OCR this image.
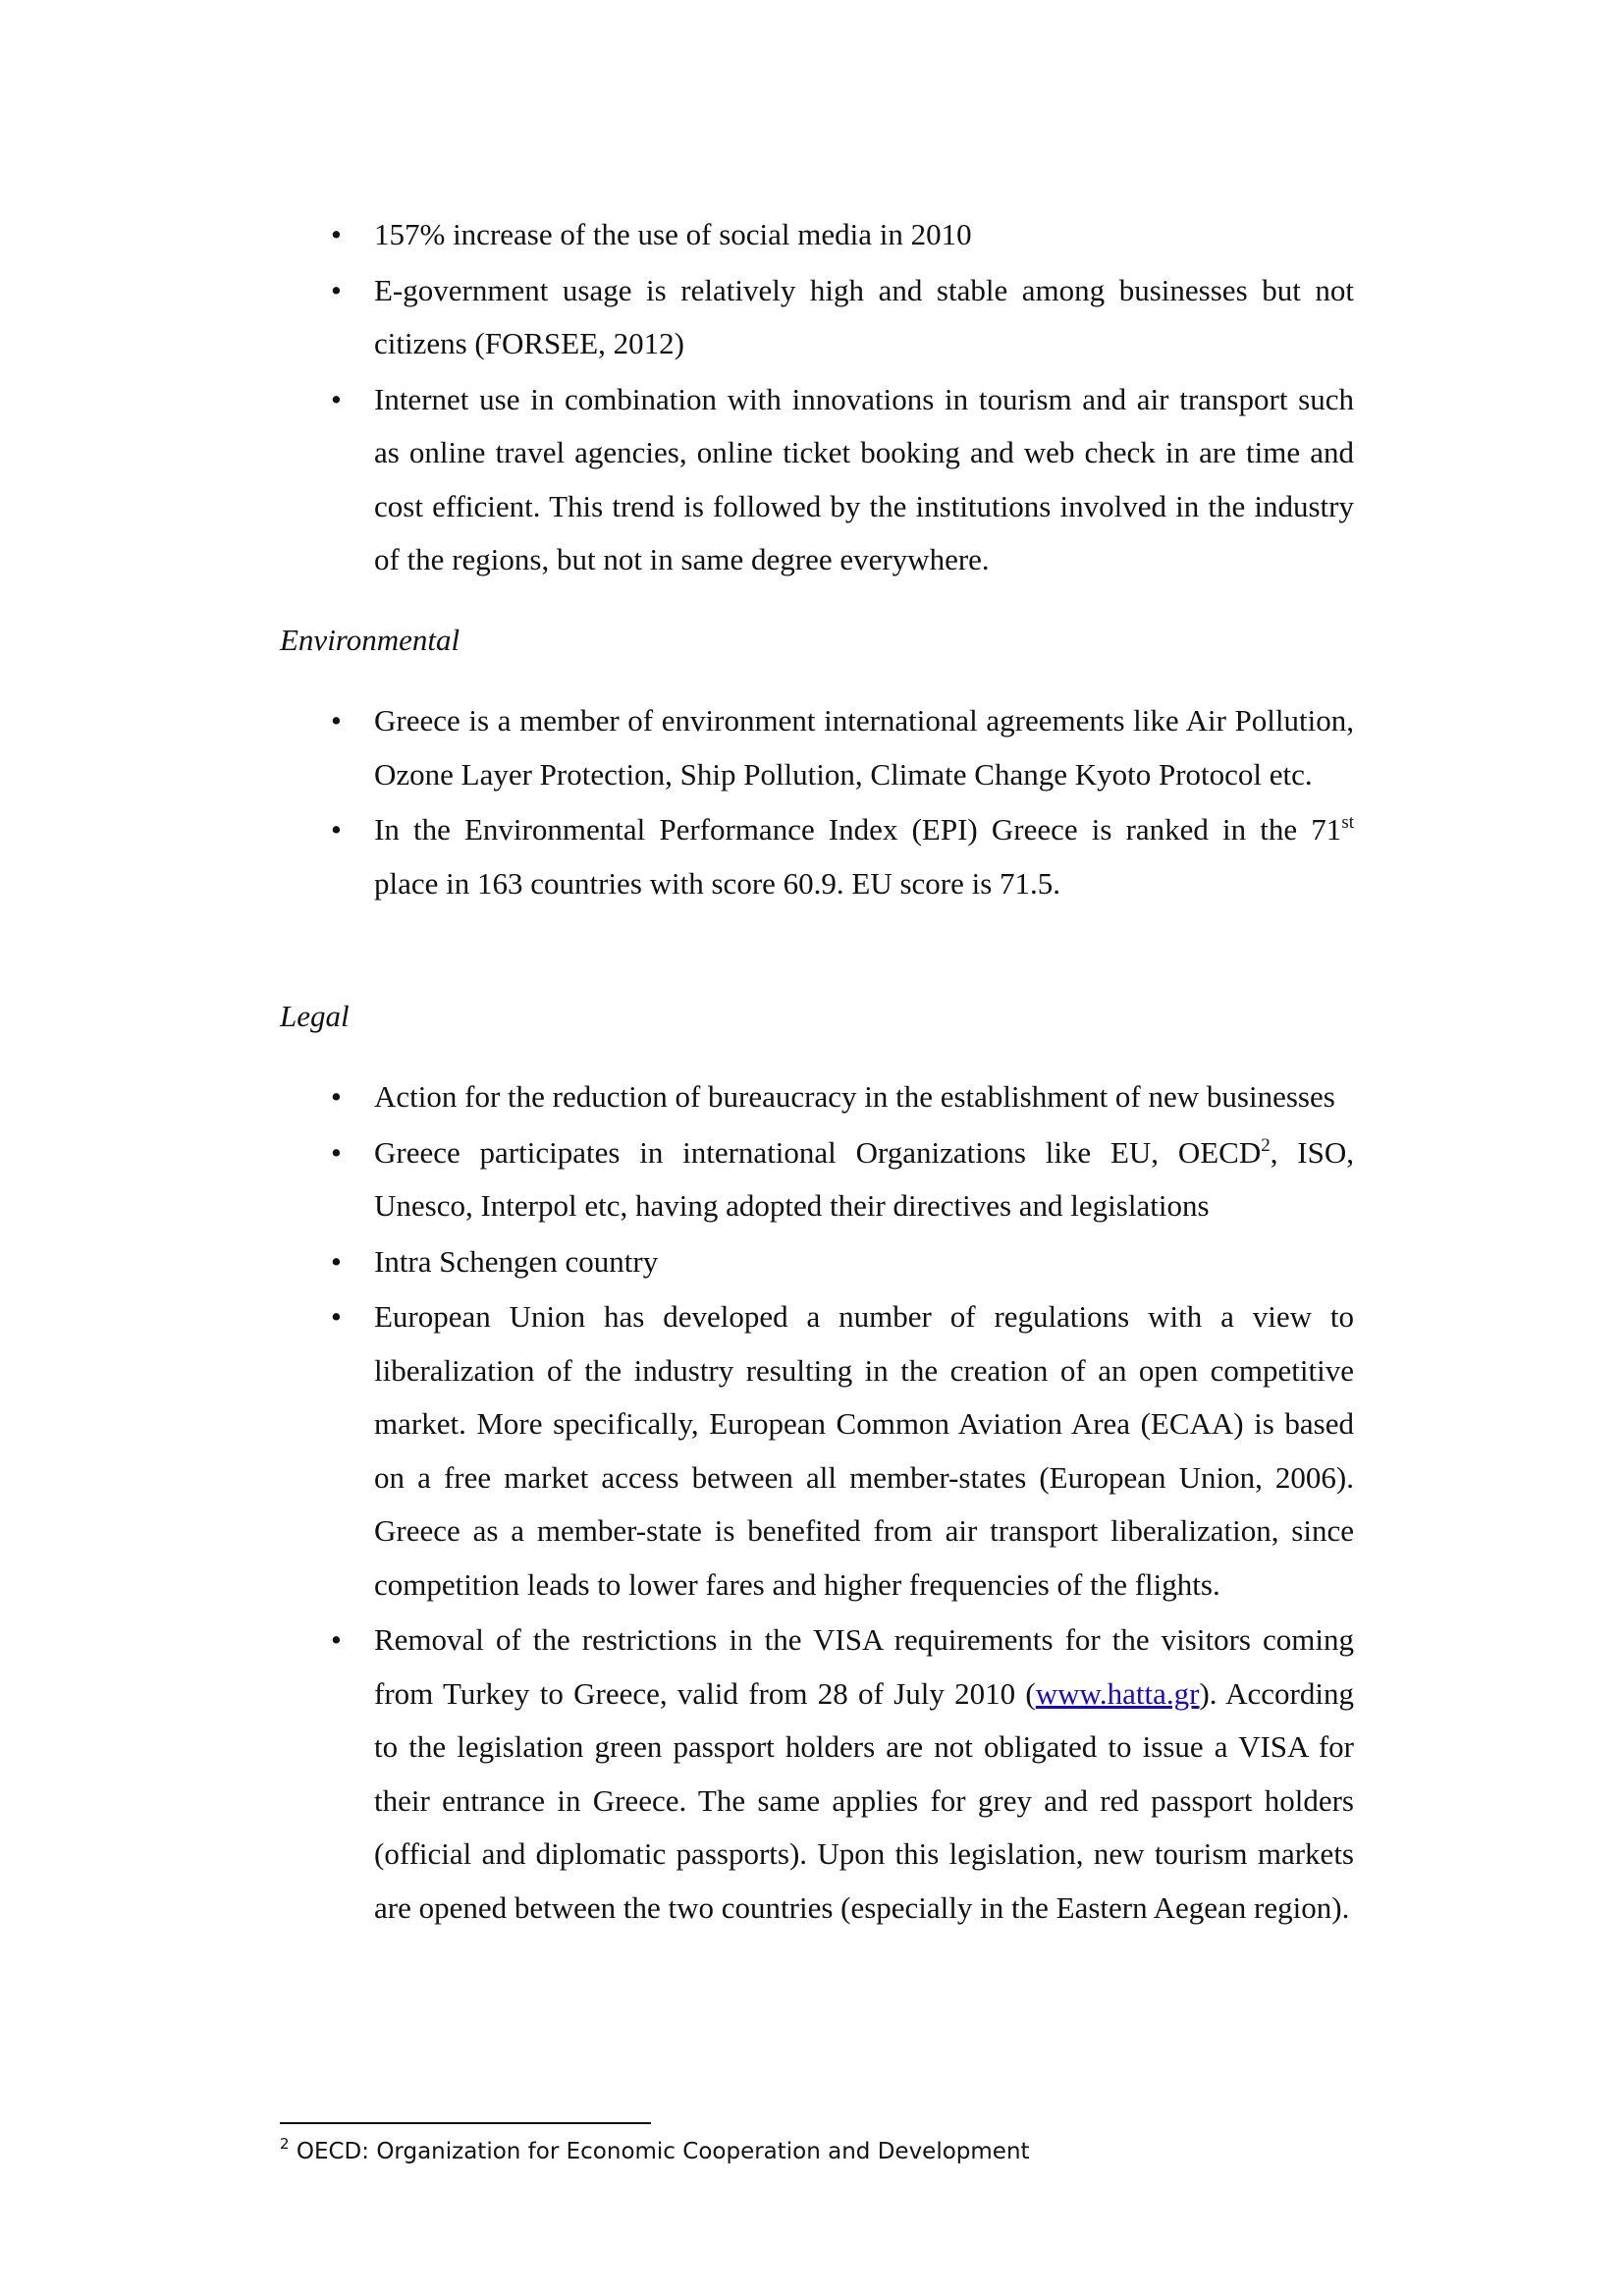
• 157% increase of the use of social media in 2010
• E-government usage is relatively high and stable among businesses but not citizens (FORSEE, 2012)
• Internet use in combination with innovations in tourism and air transport such as online travel agencies, online ticket booking and web check in are time and cost efficient. This trend is followed by the institutions involved in the industry of the regions, but not in same degree everywhere.
Environmental
• Greece is a member of environment international agreements like Air Pollution, Ozone Layer Protection, Ship Pollution, Climate Change Kyoto Protocol etc.
• In the Environmental Performance Index (EPI) Greece is ranked in the 71st place in 163 countries with score 60.9. EU score is 71.5.
Legal
• Action for the reduction of bureaucracy in the establishment of new businesses
• Greece participates in international Organizations like EU, OECD$^2$, ISO, Unesco, Interpol etc, having adopted their directives and legislations
• Intra Schengen country
• European Union has developed a number of regulations with a view to liberalization of the industry resulting in the creation of an open competitive market. More specifically, European Common Aviation Area (ECAA) is based on a free market access between all member-states (European Union, 2006). Greece as a member-state is benefited from air transport liberalization, since competition leads to lower fares and higher frequencies of the flights.
• Removal of the restrictions in the VISA requirements for the visitors coming from Turkey to Greece, valid from 28 of July 2010 (www.hatta.gr). According to the legislation green passport holders are not obligated to issue a VISA for their entrance in Greece. The same applies for grey and red passport holders (official and diplomatic passports). Upon this legislation, new tourism markets are opened between the two countries (especially in the Eastern Aegean region).
$^2$ OECD: Organization for Economic Cooperation and Development
